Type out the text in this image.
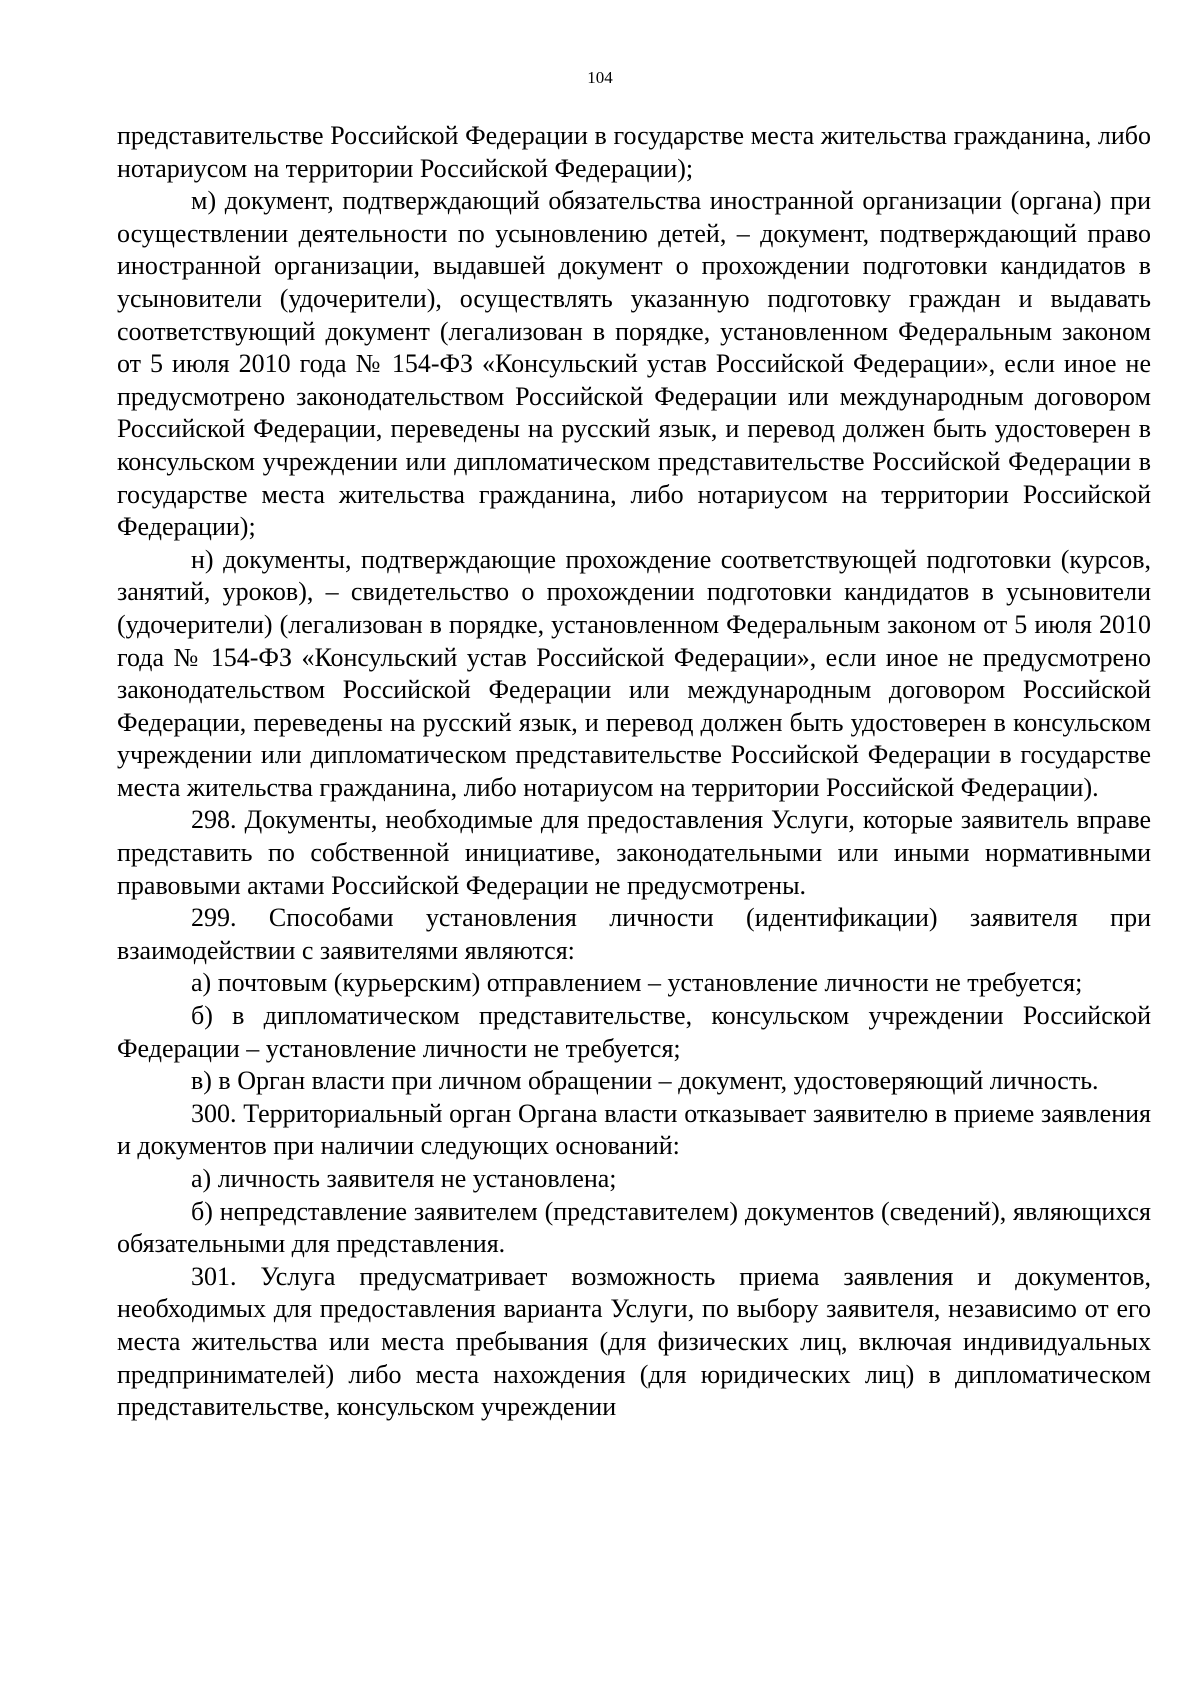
104

представительстве Российской Федерации в государстве места жительства гражданина, либо нотариусом на территории Российской Федерации);

м) документ, подтверждающий обязательства иностранной организации (органа) при осуществлении деятельности по усыновлению детей, – документ, подтверждающий право иностранной организации, выдавшей документ о прохождении подготовки кандидатов в усыновители (удочерители), осуществлять указанную подготовку граждан и выдавать соответствующий документ (легализован в порядке, установленном Федеральным законом от 5 июля 2010 года № 154-ФЗ «Консульский устав Российской Федерации», если иное не предусмотрено законодательством Российской Федерации или международным договором Российской Федерации, переведены на русский язык, и перевод должен быть удостоверен в консульском учреждении или дипломатическом представительстве Российской Федерации в государстве места жительства гражданина, либо нотариусом на территории Российской Федерации);

н) документы, подтверждающие прохождение соответствующей подготовки (курсов, занятий, уроков), – свидетельство о прохождении подготовки кандидатов в усыновители (удочерители) (легализован в порядке, установленном Федеральным законом от 5 июля 2010 года № 154-ФЗ «Консульский устав Российской Федерации», если иное не предусмотрено законодательством Российской Федерации или международным договором Российской Федерации, переведены на русский язык, и перевод должен быть удостоверен в консульском учреждении или дипломатическом представительстве Российской Федерации в государстве места жительства гражданина, либо нотариусом на территории Российской Федерации).

298. Документы, необходимые для предоставления Услуги, которые заявитель вправе представить по собственной инициативе, законодательными или иными нормативными правовыми актами Российской Федерации не предусмотрены.

299. Способами установления личности (идентификации) заявителя при взаимодействии с заявителями являются:

а) почтовым (курьерским) отправлением – установление личности не требуется;

б) в дипломатическом представительстве, консульском учреждении Российской Федерации – установление личности не требуется;

в) в Орган власти при личном обращении – документ, удостоверяющий личность.

300. Территориальный орган Органа власти отказывает заявителю в приеме заявления и документов при наличии следующих оснований:

а) личность заявителя не установлена;

б) непредставление заявителем (представителем) документов (сведений), являющихся обязательными для представления.

301. Услуга предусматривает возможность приема заявления и документов, необходимых для предоставления варианта Услуги, по выбору заявителя, независимо от его места жительства или места пребывания (для физических лиц, включая индивидуальных предпринимателей) либо места нахождения (для юридических лиц) в дипломатическом представительстве, консульском учреждении
